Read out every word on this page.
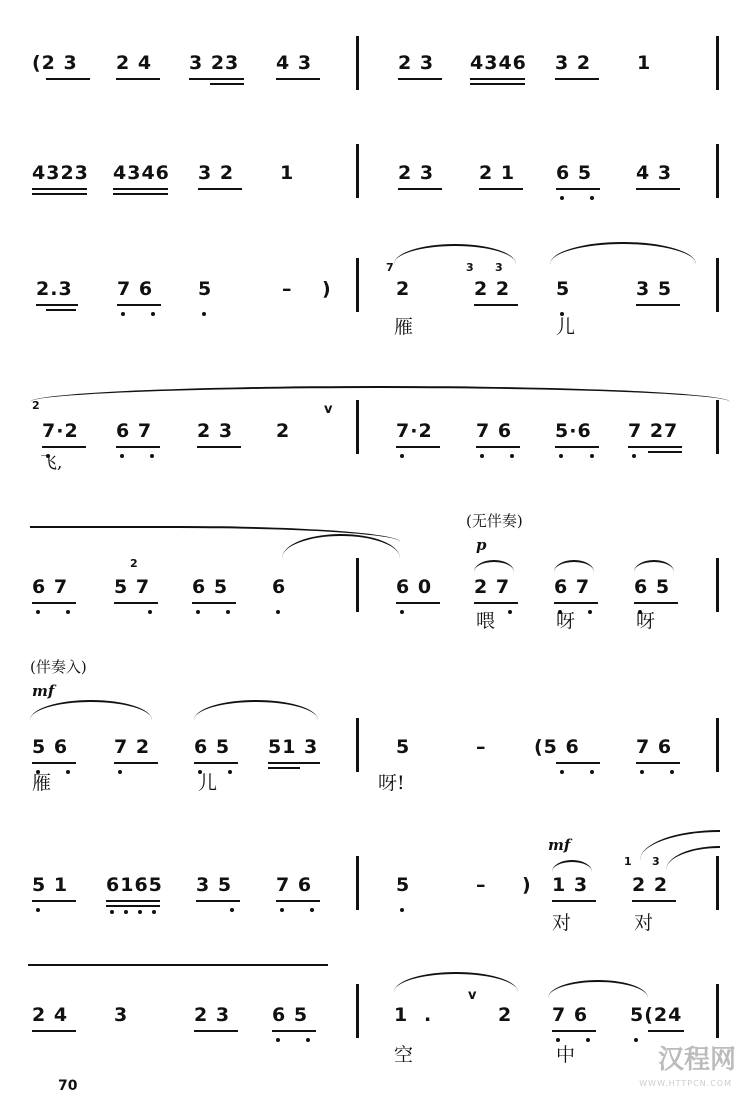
(2 3 2 4 3 23 4 3	2 3 4346 3 2 1
4323 4346 3 2 1	2 3 2 1 6 5 4 3
2.3 7 6 5	– )
7
2
3 3
2 2 5	3 5
雁	儿
2
7·2 6 7 2 3 2
v
7·2 7 6 5·6 7 27
飞,
(无伴奏)
p
6 7
2
5 7 6 5 6	6 0 2 7 6 7 6 5
喂	呀	呀
(伴奏入)
mf
5 6 7 2 6 5 51 3	5	–	(5 6	7 6
雁	儿	呀!
mf
5 1 6165 3 5 7 6	5	– ) 1 3
1 3
2 2
对	对
2 4 3	2 3 6 5	1 .
v
2 7 6 5(24
空	中
70
汉程网
WWW.HTTPCN.COM
